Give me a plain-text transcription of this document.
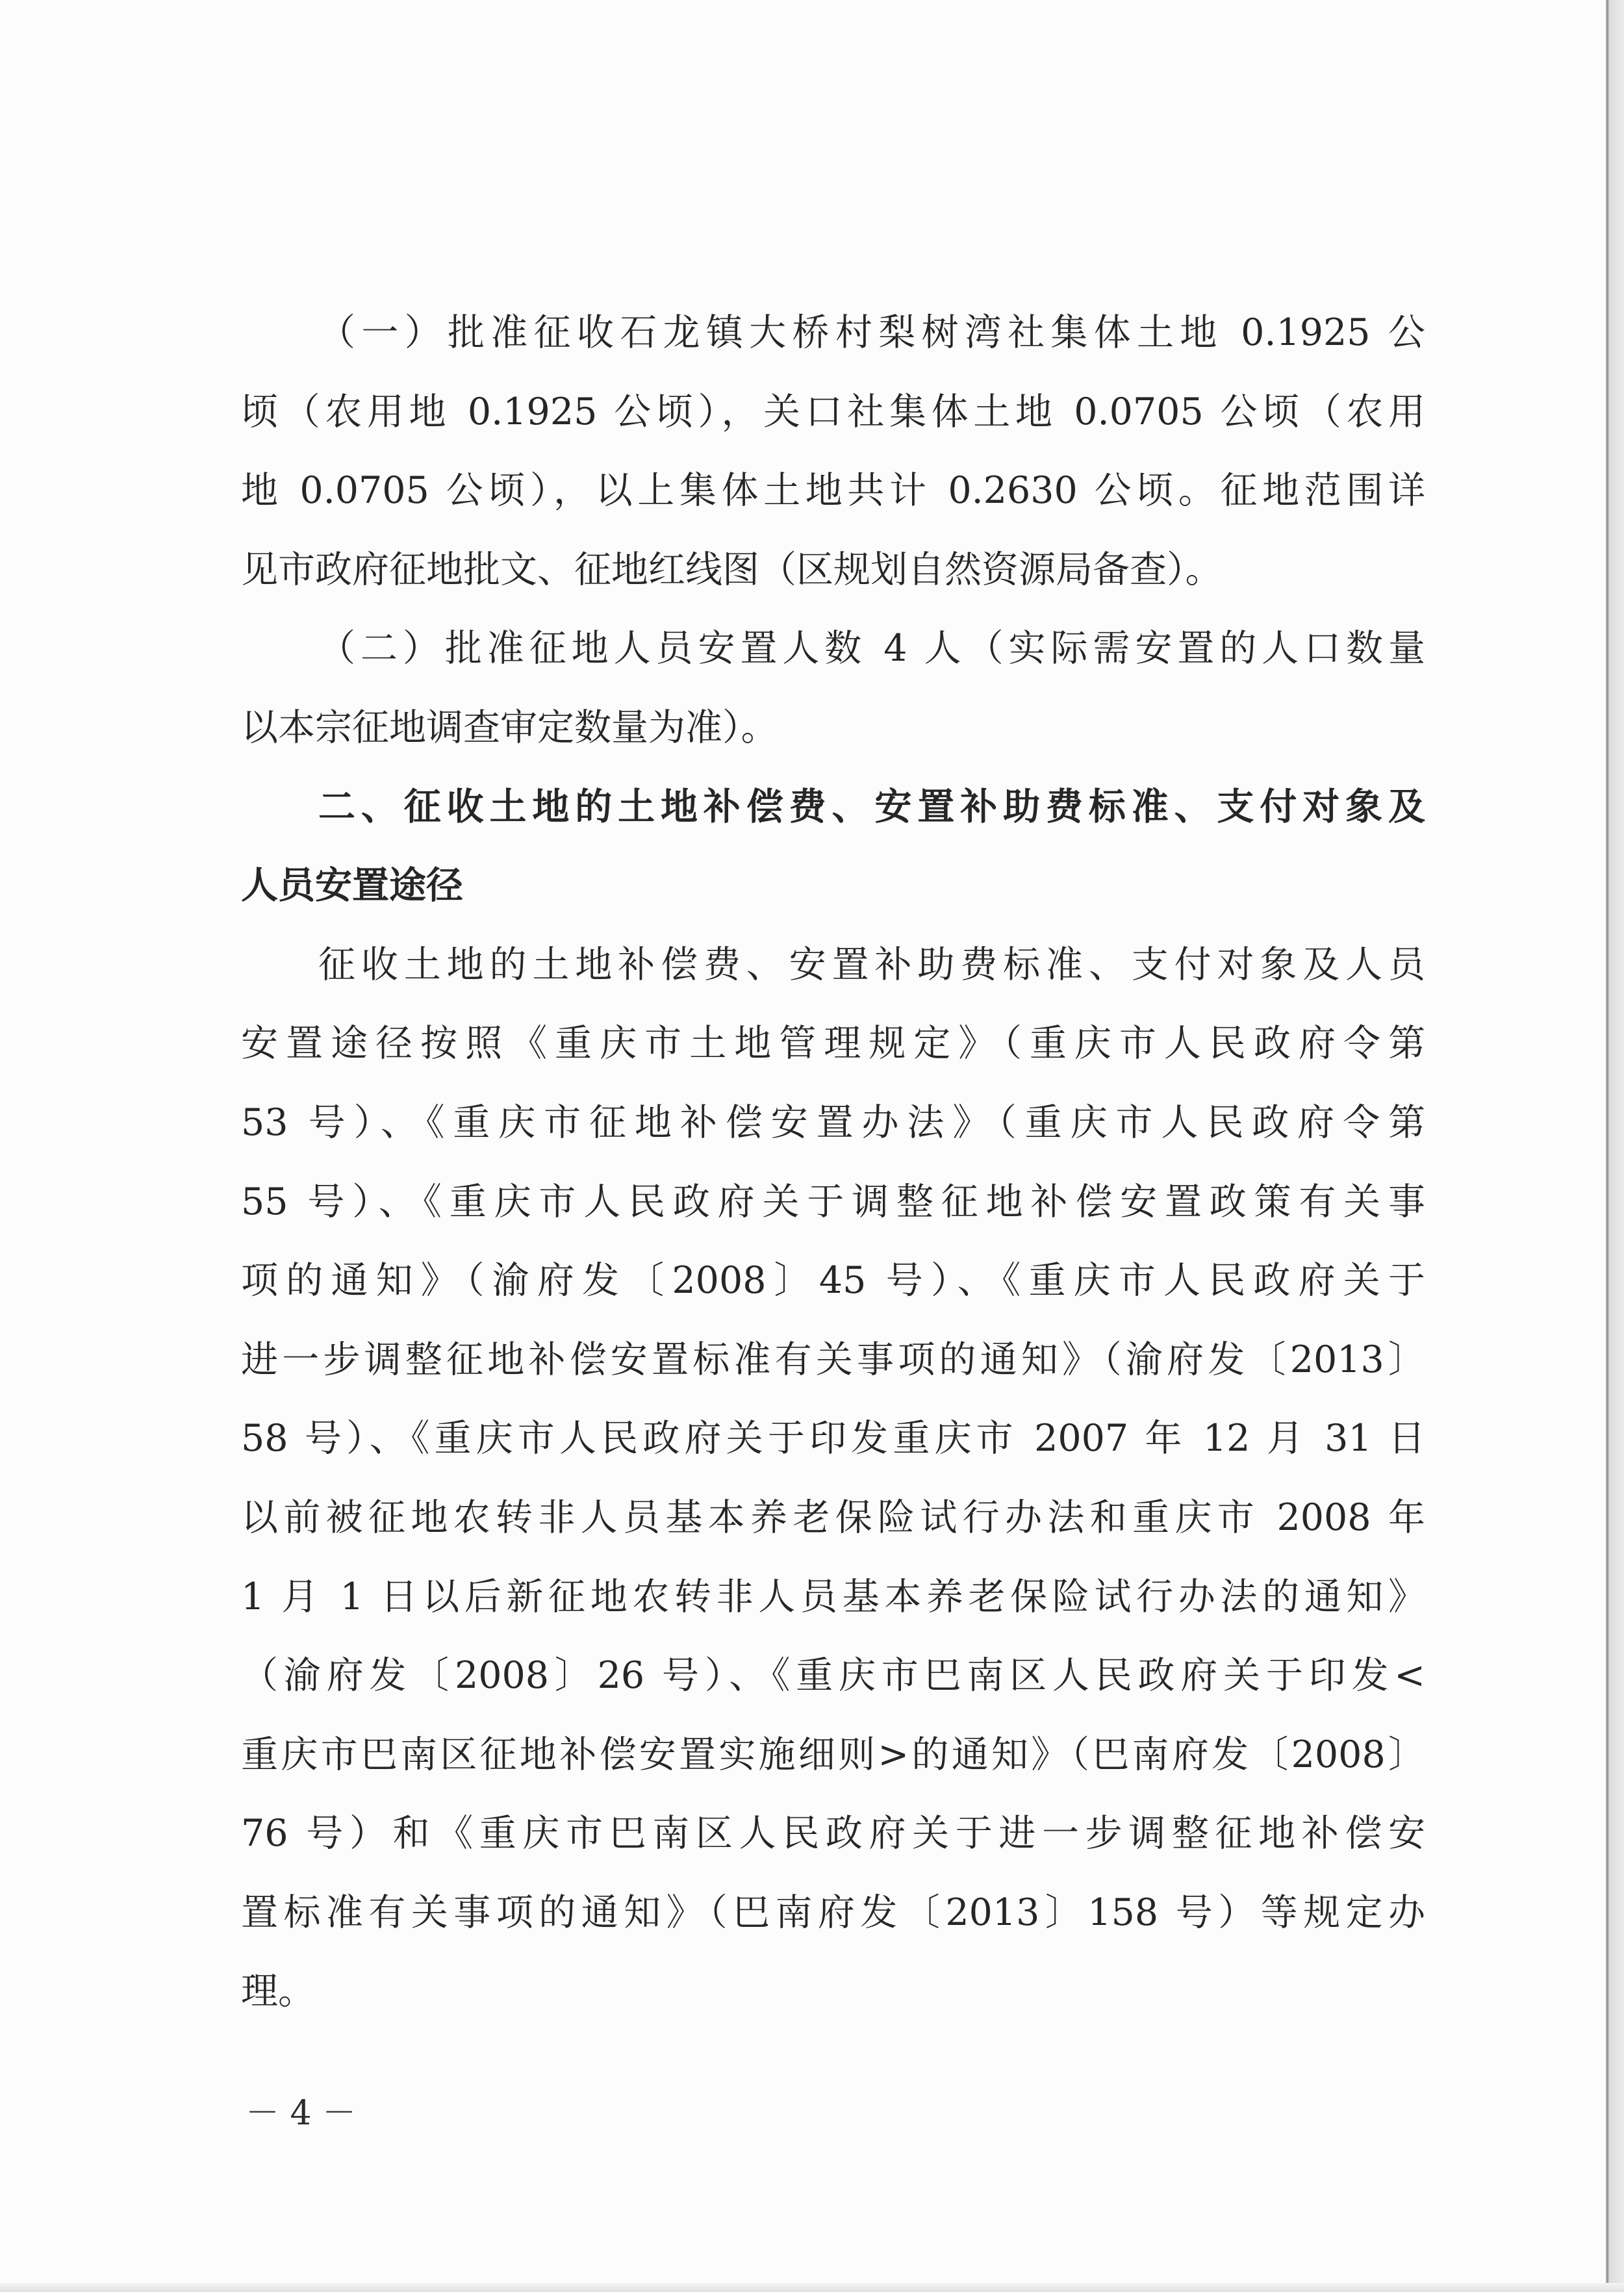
（一）批准征收石龙镇大桥村梨树湾社集体土地 0.1925 公
顷（农用地 0.1925 公顷），关口社集体土地 0.0705 公顷（农用
地 0.0705 公顷），以上集体土地共计 0.2630 公顷。征地范围详
见市政府征地批文、征地红线图（区规划自然资源局备查）。
（二）批准征地人员安置人数 4 人（实际需安置的人口数量
以本宗征地调查审定数量为准）。
二、征收土地的土地补偿费、安置补助费标准、支付对象及
人员安置途径
征收土地的土地补偿费、安置补助费标准、支付对象及人员
安置途径按照《重庆市土地管理规定》（重庆市人民政府令第
53 号）、《重庆市征地补偿安置办法》（重庆市人民政府令第
55 号）、《重庆市人民政府关于调整征地补偿安置政策有关事
项的通知》（渝府发〔2008〕45 号）、《重庆市人民政府关于
进一步调整征地补偿安置标准有关事项的通知》（渝府发〔2013〕
58 号）、《重庆市人民政府关于印发重庆市 2007 年 12 月 31 日
以前被征地农转非人员基本养老保险试行办法和重庆市 2008 年
1 月 1 日以后新征地农转非人员基本养老保险试行办法的通知》
（渝府发〔2008〕26 号）、《重庆市巴南区人民政府关于印发<
重庆市巴南区征地补偿安置实施细则>的通知》（巴南府发〔2008〕
76 号）和《重庆市巴南区人民政府关于进一步调整征地补偿安
置标准有关事项的通知》（巴南府发〔2013〕158 号）等规定办
理。
－ 4 －
